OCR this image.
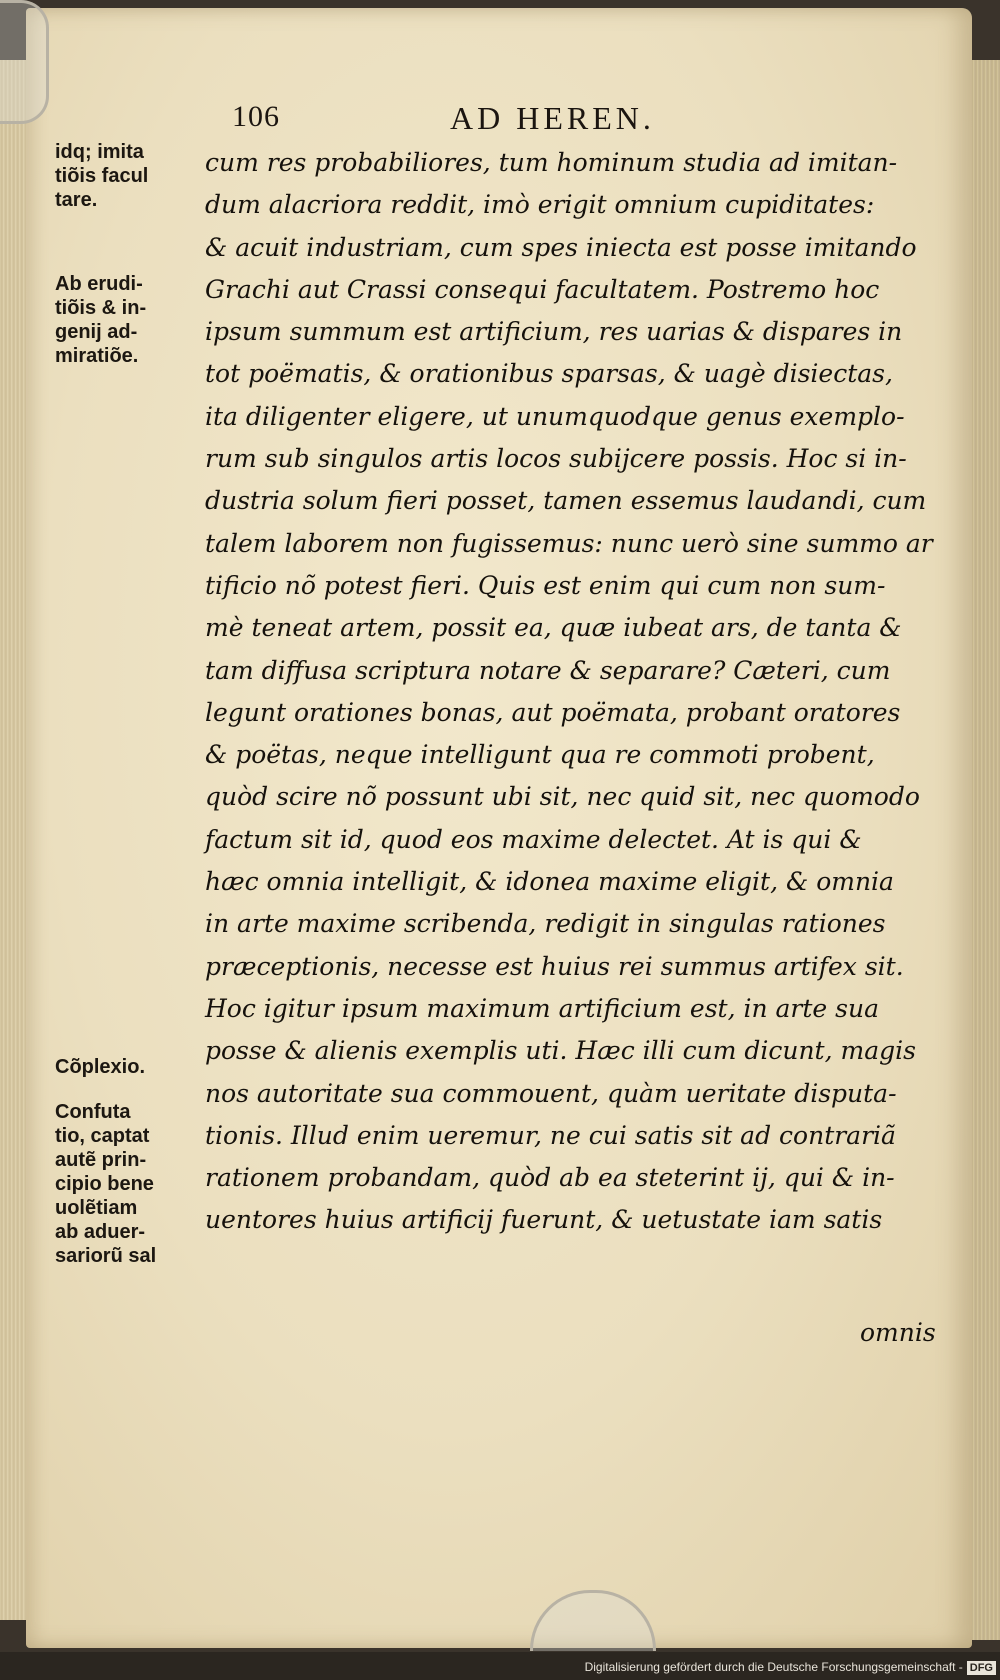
106	AD HEREN.
idq; imita
tiõis facul
tare.
Ab erudi-
tiõis & in-
genij ad-
miratiõe.
Cõplexio.
Confuta
tio, captat
autẽ prin-
cipio bene
uolẽtiam
ab aduer-
sariorũ sal
cum res probabiliores, tum hominum studia ad imitan-
dum alacriora reddit, imò erigit omnium cupiditates:
& acuit industriam, cum spes iniecta est posse imitando
Grachi aut Crassi consequi facultatem. Postremo hoc
ipsum summum est artificium, res uarias & dispares in
tot poëmatis, & orationibus sparsas, & uagè disiectas,
ita diligenter eligere, ut unumquodque genus exemplo-
rum sub singulos artis locos subijcere possis. Hoc si in-
dustria solum fieri posset, tamen essemus laudandi, cum
talem laborem non fugissemus: nunc uerò sine summo ar
tificio nõ potest fieri. Quis est enim qui cum non sum-
mè teneat artem, possit ea, quæ iubeat ars, de tanta &
tam diffusa scriptura notare & separare? Cæteri, cum
legunt orationes bonas, aut poëmata, probant oratores
& poëtas, neque intelligunt qua re commoti probent,
quòd scire nõ possunt ubi sit, nec quid sit, nec quomodo
factum sit id, quod eos maxime delectet. At is qui &
hæc omnia intelligit, & idonea maxime eligit, & omnia
in arte maxime scribenda, redigit in singulas rationes
præceptionis, necesse est huius rei summus artifex sit.
Hoc igitur ipsum maximum artificium est, in arte sua
posse & alienis exemplis uti. Hæc illi cum dicunt, magis
nos autoritate sua commouent, quàm ueritate disputa-
tionis. Illud enim ueremur, ne cui satis sit ad contrariã
rationem probandam, quòd ab ea steterint ij, qui & in-
uentores huius artificij fuerunt, & uetustate iam satis
omnis
Digitalisierung gefördert durch die Deutsche Forschungsgemeinschaft - DFG
